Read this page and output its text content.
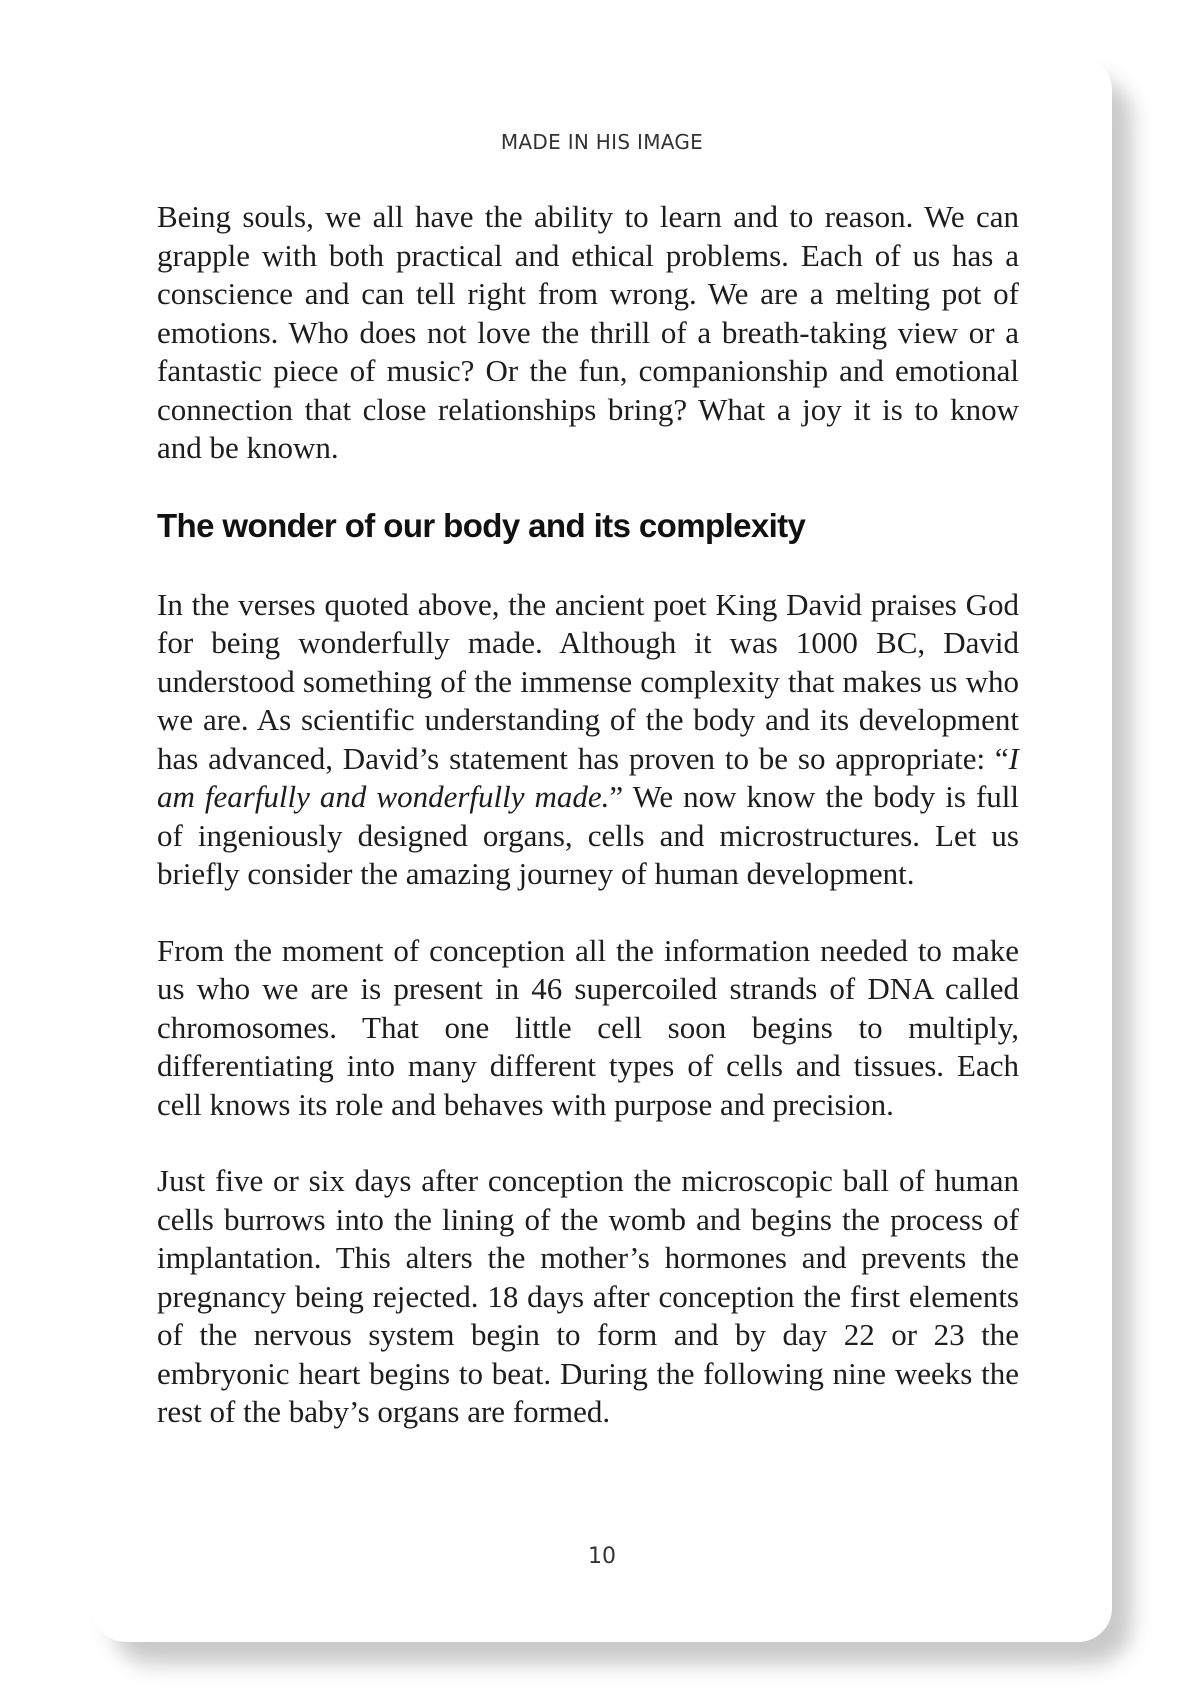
MADE IN HIS IMAGE

Being souls, we all have the ability to learn and to reason. We can grapple with both practical and ethical problems. Each of us has a conscience and can tell right from wrong. We are a melting pot of emotions. Who does not love the thrill of a breath-taking view or a fantastic piece of music? Or the fun, companionship and emotional connection that close relationships bring? What a joy it is to know and be known.

The wonder of our body and its complexity

In the verses quoted above, the ancient poet King David praises God for being wonderfully made. Although it was 1000 BC, David understood something of the immense complexity that makes us who we are. As scientific understanding of the body and its development has advanced, David’s statement has proven to be so appropriate: “I am fearfully and wonderfully made.” We now know the body is full of ingeniously designed organs, cells and microstructures. Let us briefly consider the amazing journey of human development.

From the moment of conception all the information needed to make us who we are is present in 46 supercoiled strands of DNA called chromosomes. That one little cell soon begins to multiply, differentiating into many different types of cells and tissues. Each cell knows its role and behaves with purpose and precision.

Just five or six days after conception the microscopic ball of human cells burrows into the lining of the womb and begins the process of implantation. This alters the mother’s hormones and prevents the pregnancy being rejected. 18 days after conception the first elements of the nervous system begin to form and by day 22 or 23 the embryonic heart begins to beat. During the following nine weeks the rest of the baby’s organs are formed.

10
